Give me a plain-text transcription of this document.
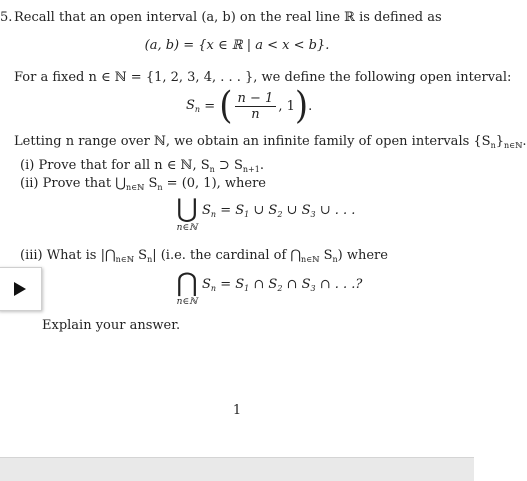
5. Recall that an open interval (a, b) on the real line ℝ is defined as
(a, b) = {x ∈ ℝ | a < x < b}.
For a fixed n ∈ ℕ = {1, 2, 3, 4, . . . }, we define the following open interval:
$S_n$ = ( $\frac{n - 1}{n}$ , 1 ) .
Letting n range over ℕ, we obtain an infinite family of open intervals $\{S_n\}_{n\in ℕ}$.
(i) Prove that for all n ∈ ℕ, $S_n$ ⊃ $S_{n+1}$.
(ii) Prove that $⋃_{n\in ℕ}$ $S_n = (0$, 1), where
⋃
n∈ℕ
$S_n = S_1$ ∪ $S_2$ ∪ $S_3$ ∪ . . .
(iii) What is $|⋂_{n\in ℕ}$ $S_n|$ (i.e. the cardinal of $⋂_{n\in ℕ}$ $S_n$) where
⋂
n∈ℕ
$S_n = S_1$ ∩ $S_2$ ∩ $S_3$ ∩ . . .?
Explain your answer.
1
